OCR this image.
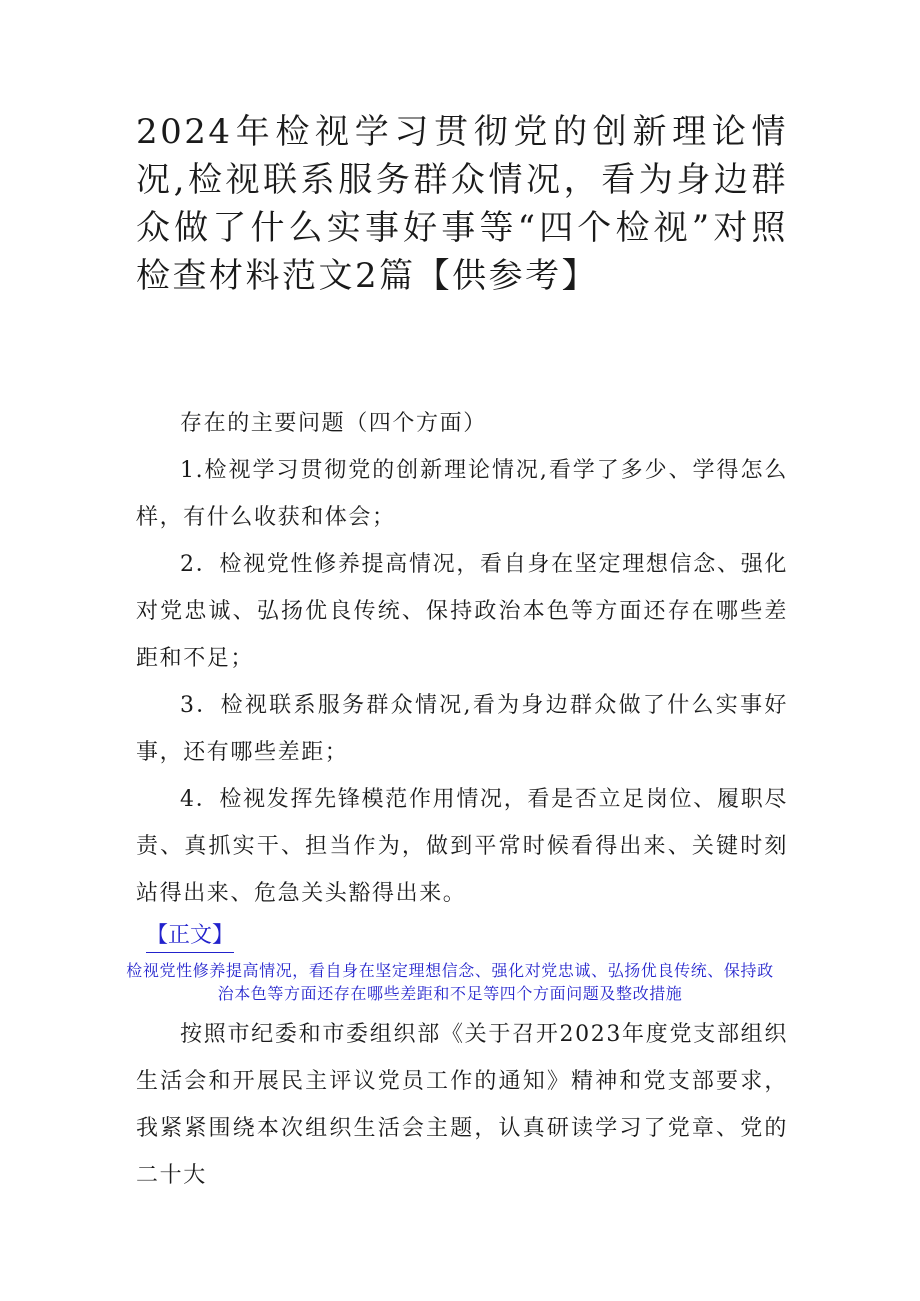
2024年检视学习贯彻党的创新理论情况,检视联系服务群众情况，看为身边群众做了什么实事好事等“四个检视”对照检查材料范文2篇【供参考】

存在的主要问题（四个方面）

1.检视学习贯彻党的创新理论情况,看学了多少、学得怎么样，有什么收获和体会；

2．检视党性修养提高情况，看自身在坚定理想信念、强化对党忠诚、弘扬优良传统、保持政治本色等方面还存在哪些差距和不足；

3．检视联系服务群众情况,看为身边群众做了什么实事好事，还有哪些差距；

4．检视发挥先锋模范作用情况，看是否立足岗位、履职尽责、真抓实干、担当作为，做到平常时候看得出来、关键时刻站得出来、危急关头豁得出来。

【正文】
检视党性修养提高情况，看自身在坚定理想信念、强化对党忠诚、弘扬优良传统、保持政治本色等方面还存在哪些差距和不足等四个方面问题及整改措施

按照市纪委和市委组织部《关于召开2023年度党支部组织生活会和开展民主评议党员工作的通知》精神和党支部要求，我紧紧围绕本次组织生活会主题，认真研读学习了党章、党的二十大
